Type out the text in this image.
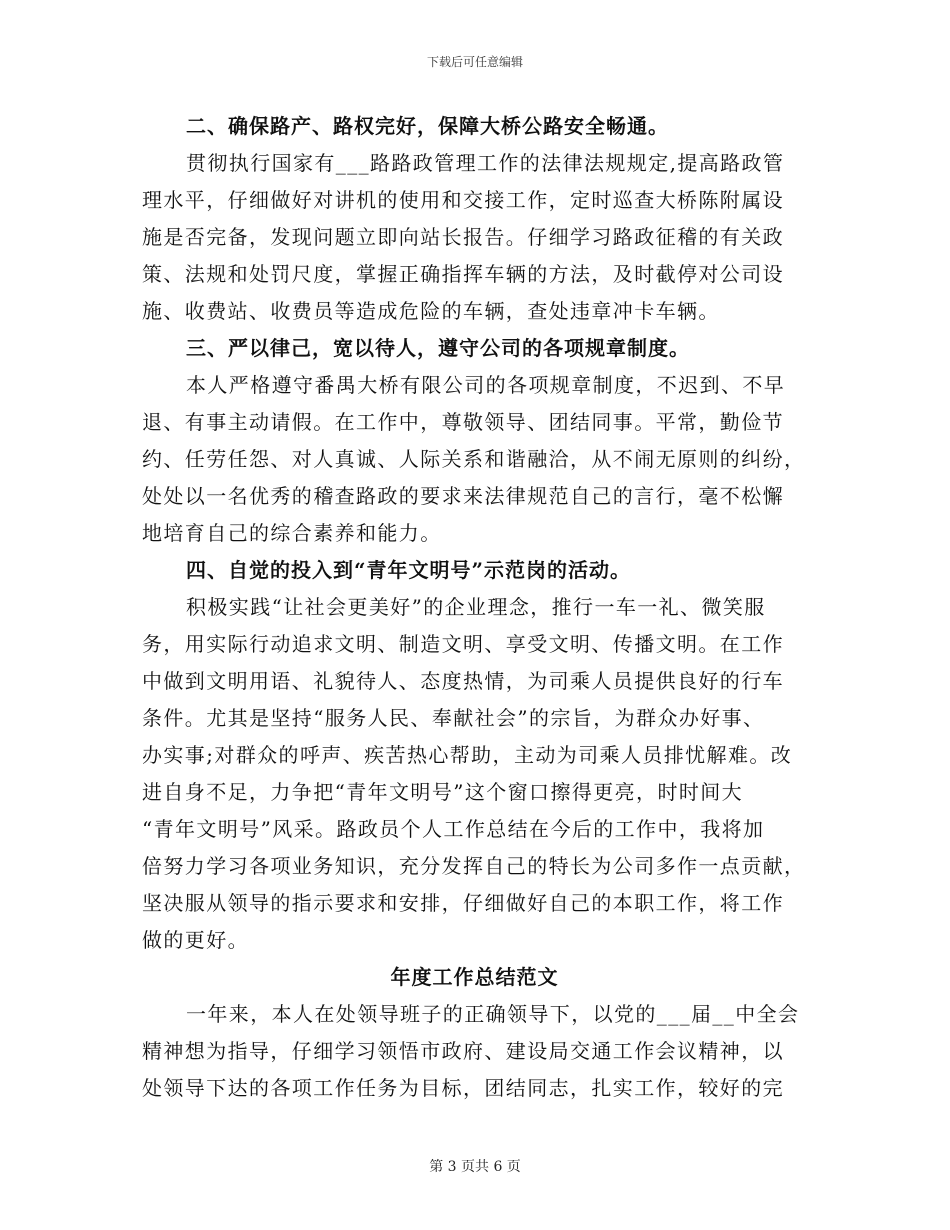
下载后可任意编辑
二、确保路产、路权完好，保障大桥公路安全畅通。
贯彻执行国家有___路路政管理工作的法律法规规定,提高路政管
理水平，仔细做好对讲机的使用和交接工作，定时巡查大桥陈附属设
施是否完备，发现问题立即向站长报告。仔细学习路政征稽的有关政
策、法规和处罚尺度，掌握正确指挥车辆的方法，及时截停对公司设
施、收费站、收费员等造成危险的车辆，查处违章冲卡车辆。
三、严以律己，宽以待人，遵守公司的各项规章制度。
本人严格遵守番禺大桥有限公司的各项规章制度，不迟到、不早
退、有事主动请假。在工作中，尊敬领导、团结同事。平常，勤俭节
约、任劳任怨、对人真诚、人际关系和谐融洽，从不闹无原则的纠纷，
处处以一名优秀的稽查路政的要求来法律规范自己的言行，毫不松懈
地培育自己的综合素养和能力。
四、自觉的投入到“青年文明号”示范岗的活动。
积极实践“让社会更美好”的企业理念，推行一车一礼、微笑服
务，用实际行动追求文明、制造文明、享受文明、传播文明。在工作
中做到文明用语、礼貌待人、态度热情，为司乘人员提供良好的行车
条件。尤其是坚持“服务人民、奉献社会”的宗旨，为群众办好事、
办实事;对群众的呼声、疾苦热心帮助，主动为司乘人员排忧解难。改
进自身不足，力争把“青年文明号”这个窗口擦得更亮，时时间大
“青年文明号”风采。路政员个人工作总结在今后的工作中，我将加
倍努力学习各项业务知识，充分发挥自己的特长为公司多作一点贡献，
坚决服从领导的指示要求和安排，仔细做好自己的本职工作，将工作
做的更好。
年度工作总结范文
一年来，本人在处领导班子的正确领导下，以党的___届__中全会
精神想为指导，仔细学习领悟市政府、建设局交通工作会议精神，以
处领导下达的各项工作任务为目标，团结同志，扎实工作，较好的完
第 3 页共 6 页
